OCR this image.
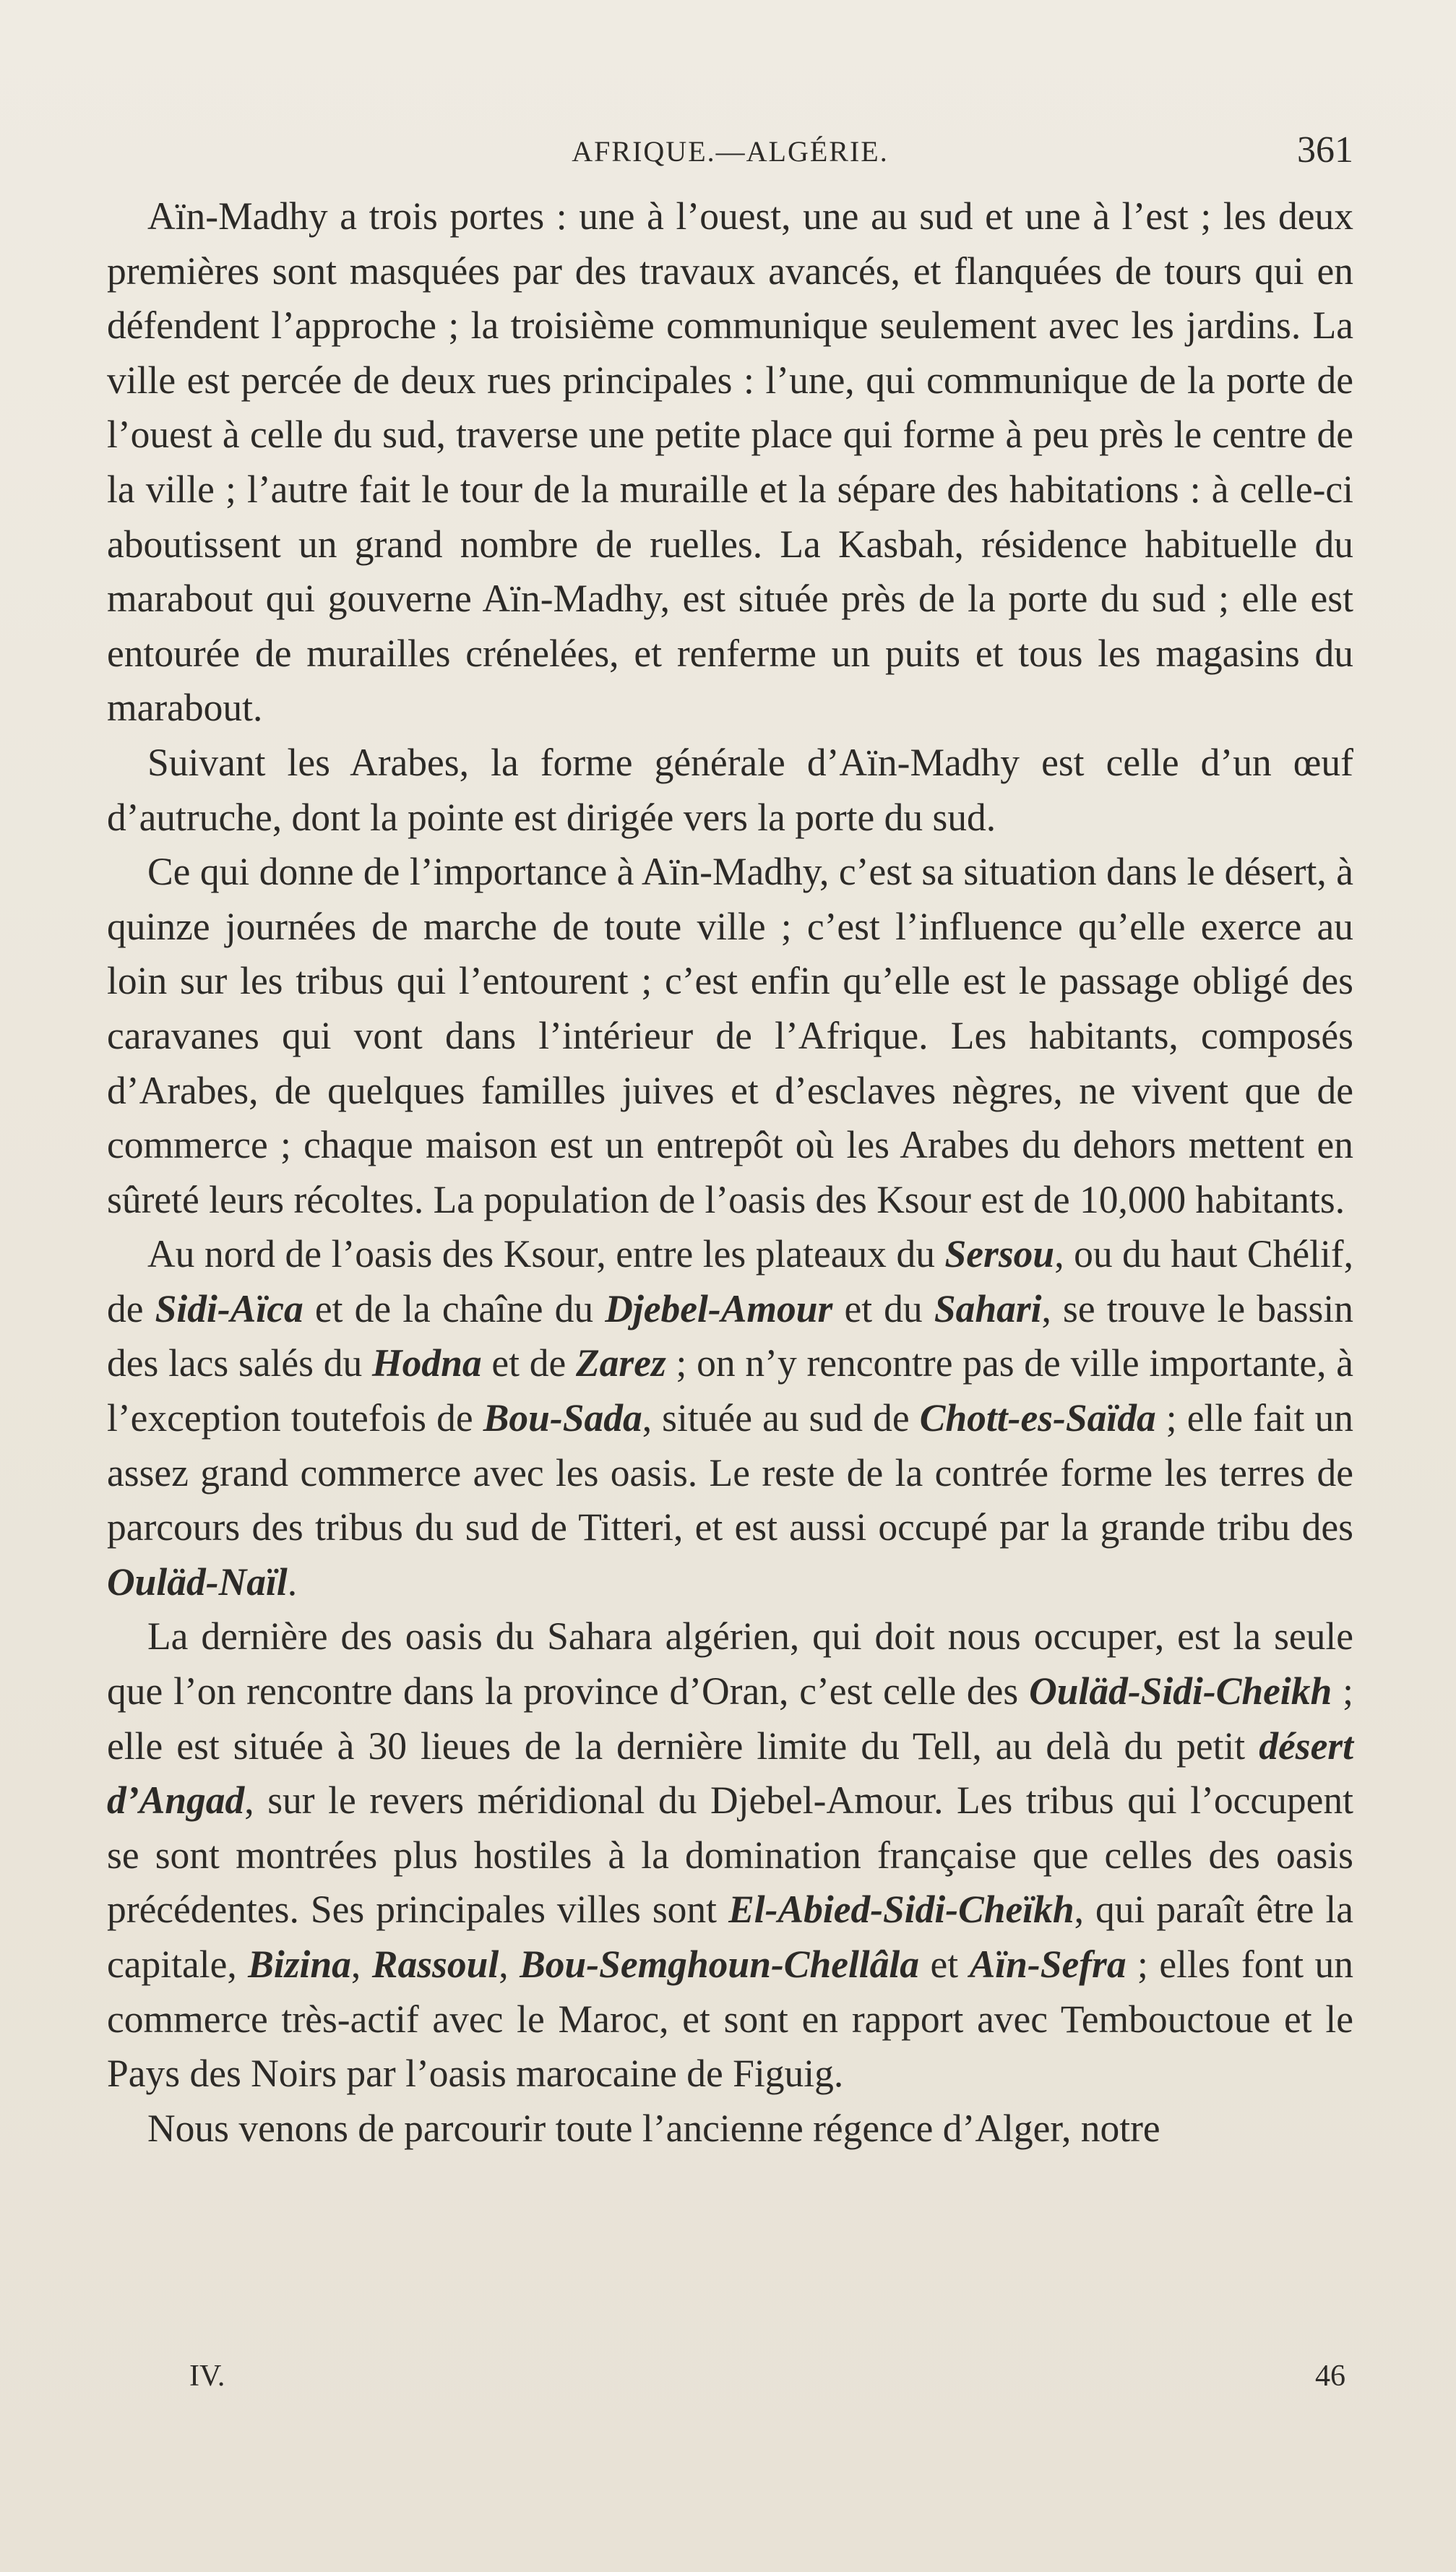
AFRIQUE.—ALGÉRIE.	361

Aïn-Madhy a trois portes : une à l’ouest, une au sud et une à l’est ; les deux premières sont masquées par des travaux avancés, et flanquées de tours qui en défendent l’approche ; la troisième communique seulement avec les jardins. La ville est percée de deux rues principales : l’une, qui communique de la porte de l’ouest à celle du sud, traverse une petite place qui forme à peu près le centre de la ville ; l’autre fait le tour de la muraille et la sépare des habitations : à celle-ci aboutissent un grand nombre de ruelles. La Kasbah, résidence habituelle du marabout qui gouverne Aïn-Madhy, est située près de la porte du sud ; elle est entourée de murailles crénelées, et renferme un puits et tous les magasins du marabout.

Suivant les Arabes, la forme générale d’Aïn-Madhy est celle d’un œuf d’autruche, dont la pointe est dirigée vers la porte du sud.

Ce qui donne de l’importance à Aïn-Madhy, c’est sa situation dans le désert, à quinze journées de marche de toute ville ; c’est l’influence qu’elle exerce au loin sur les tribus qui l’entourent ; c’est enfin qu’elle est le passage obligé des caravanes qui vont dans l’intérieur de l’Afrique. Les habitants, composés d’Arabes, de quelques familles juives et d’esclaves nègres, ne vivent que de commerce ; chaque maison est un entrepôt où les Arabes du dehors mettent en sûreté leurs récoltes. La population de l’oasis des Ksour est de 10,000 habitants.

Au nord de l’oasis des Ksour, entre les plateaux du Sersou, ou du haut Chélif, de Sidi-Aïca et de la chaîne du Djebel-Amour et du Sahari, se trouve le bassin des lacs salés du Hodna et de Zarez ; on n’y rencontre pas de ville importante, à l’exception toutefois de Bou-Sada, située au sud de Chott-es-Saïda ; elle fait un assez grand commerce avec les oasis. Le reste de la contrée forme les terres de parcours des tribus du sud de Titteri, et est aussi occupé par la grande tribu des Ouläd-Naïl.

La dernière des oasis du Sahara algérien, qui doit nous occuper, est la seule que l’on rencontre dans la province d’Oran, c’est celle des Ouläd-Sidi-Cheikh ; elle est située à 30 lieues de la dernière limite du Tell, au delà du petit désert d’Angad, sur le revers méridional du Djebel-Amour. Les tribus qui l’occupent se sont montrées plus hostiles à la domination française que celles des oasis précédentes. Ses principales villes sont El-Abied-Sidi-Cheïkh, qui paraît être la capitale, Bizina, Rassoul, Bou-Semghoun-Chellâla et Aïn-Sefra ; elles font un commerce très-actif avec le Maroc, et sont en rapport avec Tembouctoue et le Pays des Noirs par l’oasis marocaine de Figuig.

Nous venons de parcourir toute l’ancienne régence d’Alger, notre

IV.	46
